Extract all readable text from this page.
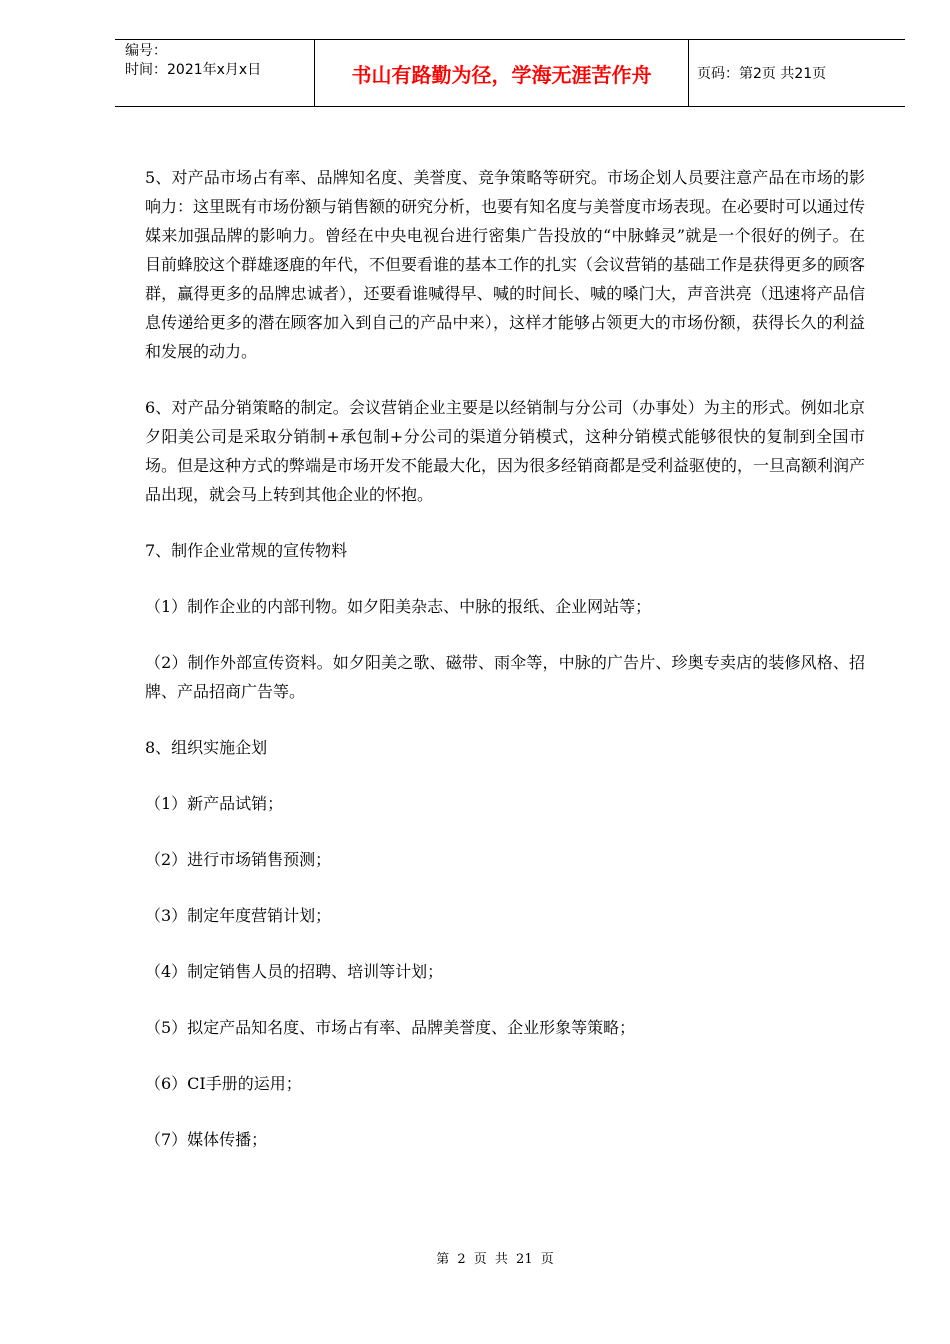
编号：
时间：2021年x月x日	书山有路勤为径，学海无涯苦作舟	页码：第2页 共21页

5、对产品市场占有率、品牌知名度、美誉度、竞争策略等研究。市场企划人员要注意产品在市场的影响力：这里既有市场份额与销售额的研究分析，也要有知名度与美誉度市场表现。在必要时可以通过传媒来加强品牌的影响力。曾经在中央电视台进行密集广告投放的“中脉蜂灵”就是一个很好的例子。在目前蜂胶这个群雄逐鹿的年代，不但要看谁的基本工作的扎实（会议营销的基础工作是获得更多的顾客群，赢得更多的品牌忠诚者），还要看谁喊得早、喊的时间长、喊的嗓门大，声音洪亮（迅速将产品信息传递给更多的潜在顾客加入到自己的产品中来），这样才能够占领更大的市场份额，获得长久的利益和发展的动力。

6、对产品分销策略的制定。会议营销企业主要是以经销制与分公司（办事处）为主的形式。例如北京夕阳美公司是采取分销制+承包制+分公司的渠道分销模式，这种分销模式能够很快的复制到全国市场。但是这种方式的弊端是市场开发不能最大化，因为很多经销商都是受利益驱使的，一旦高额利润产品出现，就会马上转到其他企业的怀抱。

7、制作企业常规的宣传物料

（1）制作企业的内部刊物。如夕阳美杂志、中脉的报纸、企业网站等；

（2）制作外部宣传资料。如夕阳美之歌、磁带、雨伞等，中脉的广告片、珍奥专卖店的装修风格、招牌、产品招商广告等。

8、组织实施企划

（1）新产品试销；

（2）进行市场销售预测；

（3）制定年度营销计划；

（4）制定销售人员的招聘、培训等计划；

（5）拟定产品知名度、市场占有率、品牌美誉度、企业形象等策略；

（6）CI手册的运用；

（7）媒体传播；

第 2 页 共 21 页
